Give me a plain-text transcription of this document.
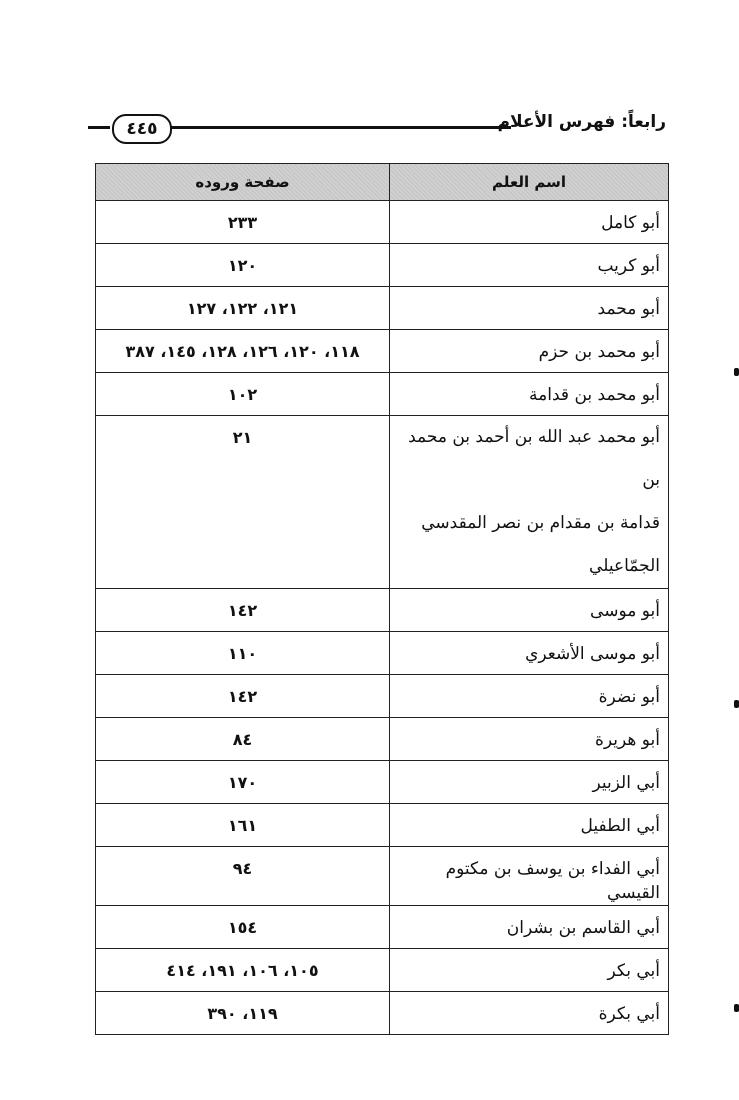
رابعاً: فهرس الأعلام
٤٤٥
اسم العلم	صفحة وروده

أبو كامل	٢٣٣

أبو كريب	١٢٠

أبو محمد	١٢١، ١٢٢، ١٢٧

أبو محمد بن حزم	١١٨، ١٢٠، ١٢٦، ١٢٨، ١٤٥، ٣٨٧

أبو محمد بن قدامة	١٠٢

أبو محمد عبد الله بن أحمد بن محمد بن
قدامة بن مقدام بن نصر المقدسي
الجمّاعيلي	٢١

أبو موسى	١٤٢

أبو موسى الأشعري	١١٠

أبو نضرة	١٤٢

أبو هريرة	٨٤

أبي الزبير	١٧٠

أبي الطفيل	١٦١

أبي الفداء بن يوسف بن مكتوم القيسي	٩٤

أبي القاسم بن بشران	١٥٤

أبي بكر	١٠٥، ١٠٦، ١٩١، ٤١٤

أبي بكرة	١١٩، ٣٩٠
